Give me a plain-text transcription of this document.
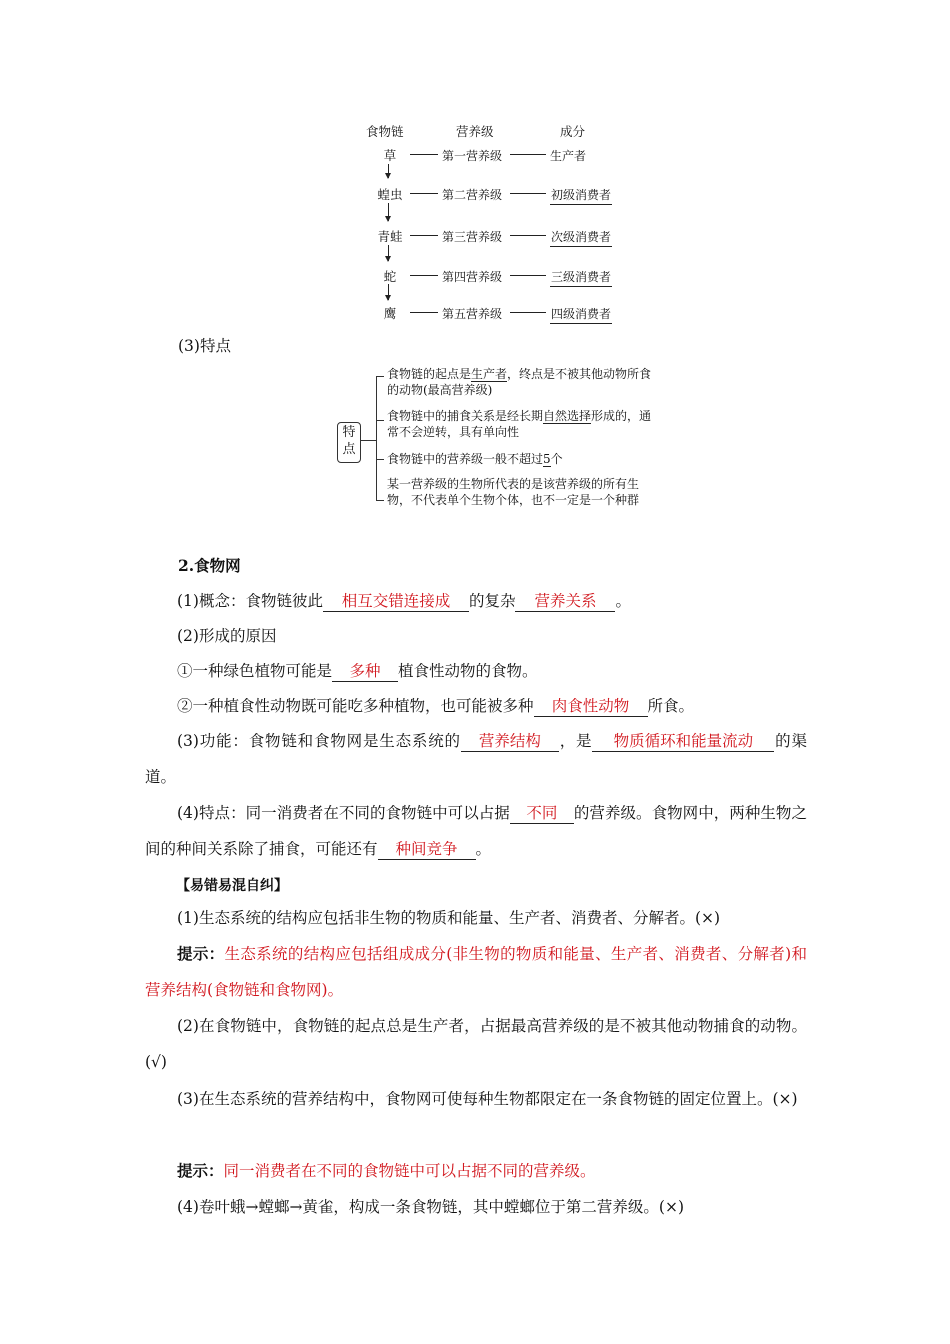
食物链	营养级	成分
草	第一营养级	生产者
蝗虫	第二营养级	初级消费者
青蛙	第三营养级	次级消费者
蛇	第四营养级	三级消费者
鹰	第五营养级	四级消费者
(3)特点
特
点
食物链的起点是生产者，终点是不被其他动物所食的动物(最高营养级)
食物链中的捕食关系是经长期自然选择形成的，通常不会逆转，具有单向性
食物链中的营养级一般不超过5个
某一营养级的生物所代表的是该营养级的所有生物，不代表单个生物个体，也不一定是一个种群
2.食物网
(1)概念：食物链彼此 相互交错连接成 的复杂 营养关系 。
(2)形成的原因
①一种绿色植物可能是 多种 植食性动物的食物。
②一种植食性动物既可能吃多种植物，也可能被多种 肉食性动物 所食。
(3)功能：食物链和食物网是生态系统的 营养结构 ，是 物质循环和能量流动 的渠道。
(4)特点：同一消费者在不同的食物链中可以占据 不同 的营养级。食物网中，两种生物之间的种间关系除了捕食，可能还有 种间竞争 。
【易错易混自纠】
(1)生态系统的结构应包括非生物的物质和能量、生产者、消费者、分解者。(×)
提示：生态系统的结构应包括组成成分(非生物的物质和能量、生产者、消费者、分解者)和营养结构(食物链和食物网)。
(2)在食物链中，食物链的起点总是生产者，占据最高营养级的是不被其他动物捕食的动物。(√)
(3)在生态系统的营养结构中，食物网可使每种生物都限定在一条食物链的固定位置上。(×)
提示：同一消费者在不同的食物链中可以占据不同的营养级。
(4)卷叶蛾→螳螂→黄雀，构成一条食物链，其中螳螂位于第二营养级。(×)
